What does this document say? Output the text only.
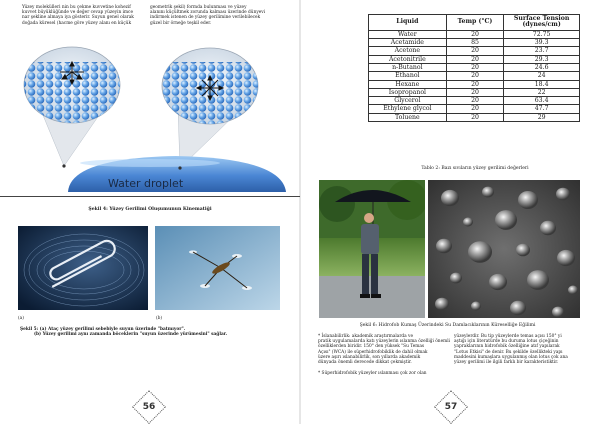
Yüzey molekülleri nin bu çekme kuvvetine kohezif
kuvvet büyüklüğünde ve değer cevap yüzeyin imce
nar şekline almaya iya gösterir. Suyun genel olarak
doğada küresel (hacme göre yüzey alanı en küçük
geometrik şekil) formda bulunması ve yüzey
alanını küçültmek zorunda kalması üzerinde dünyevi
indirmek istenen de yüzey gerilimine verilebilecek
güzel bir örneğe teşkil eder.
Water droplet
Şekil 4: Yüzey Gerilimi Oluşumunun Kinematiği
(a)	(b)
Şekil 5: (a) Ataç yüzey gerilimi sebebiyle suyun üzerinde "batmıyor".
(b) Yüzey gerilimi aynı zamanda böceklerin "suyun üzerinde yürümesini" sağlar.
56
Liquid	Temp (°C)	Surface Tension (dynes/cm)
Water	20	72.75
Acetamide	85	39.3
Acetone	20	23.7
Acetonitrile	20	29.3
n-Butanol	20	24.6
Ethanol	20	24
Hexane	20	18.4
Isopropanol	20	22
Glycerol	20	63.4
Ethylene glycol	20	47.7
Toluene	20	29
Tablo 2: Bazı sıvıların yüzey gerilimi değerleri
Şekil 6: Hidrofob Kumaş Üzerindeki Su Damlacıklarının Küreselliğe Eğilimi
* İslanabilirlik: akademik araştırmalarda ve
pratik uygulamalarda katı yüzeylerin ıslanma özelliği önemli
özelliklerden biridir. 150° den yüksek "Su Temas
Açısı" (WCA) ile süperhidrofobiklik de dahil olmak
üzere aşırı ıslanabilirlik, son yıllarda akademik
dünyada önemli derecede dikkat çekmiştir.
* Süperhidrofobik yüzeyler ıslanması çok zor olan
yüzeylerdir. Bu tip yüzeylerde temas açısı 150° yi
aştığı için literatürde bu duruma lotus çiçeğinin
yapraklarının hidrofobik özelliğine atıf yapılarak
"Lotus Etkisi" de denir. Bu şekilde özellikteki yapı
maddesini kumaşlara uygulanmış olan lotus çok ana
yüzey gerilimi ile ilgili farklı bir karakteristiktir.
57
